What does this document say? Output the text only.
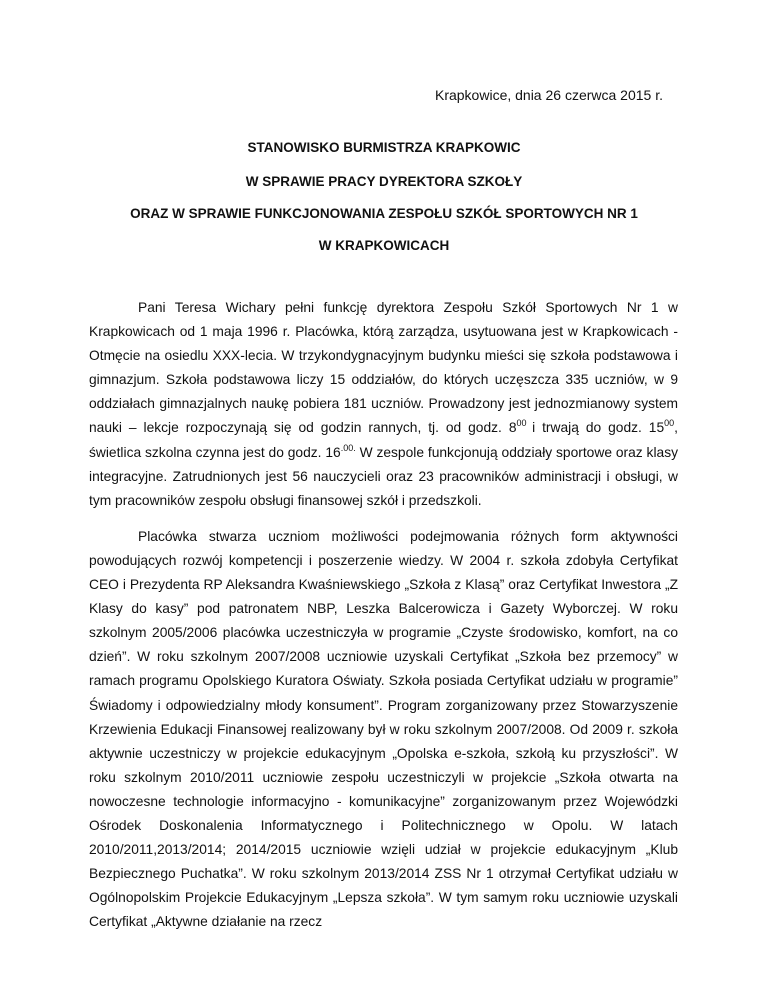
Krapkowice, dnia 26 czerwca 2015 r.

STANOWISKO BURMISTRZA KRAPKOWIC

W SPRAWIE PRACY DYREKTORA SZKOŁY

ORAZ W SPRAWIE FUNKCJONOWANIA ZESPOŁU SZKÓŁ SPORTOWYCH NR 1

W KRAPKOWICACH

Pani Teresa Wichary pełni funkcję dyrektora Zespołu Szkół Sportowych Nr 1 w Krapkowicach od 1 maja 1996 r. Placówka, którą zarządza, usytuowana jest w Krapkowicach - Otmęcie na osiedlu XXX-lecia. W trzykondygnacyjnym budynku mieści się szkoła podstawowa i gimnazjum. Szkoła podstawowa liczy 15 oddziałów, do których uczęszcza 335 uczniów, w 9 oddziałach gimnazjalnych naukę pobiera 181 uczniów. Prowadzony jest jednozmianowy system nauki – lekcje rozpoczynają się od godzin rannych, tj. od godz. $8^{00}$ i trwają do godz. $15^{00}$, świetlica szkolna czynna jest do godz. $16^{.00.}$ W zespole funkcjonują oddziały sportowe oraz klasy integracyjne. Zatrudnionych jest 56 nauczycieli oraz 23 pracowników administracji i obsługi, w tym pracowników zespołu obsługi finansowej szkół i przedszkoli.

Placówka stwarza uczniom możliwości podejmowania różnych form aktywności powodujących rozwój kompetencji i poszerzenie wiedzy. W 2004 r. szkoła zdobyła Certyfikat CEO i Prezydenta RP Aleksandra Kwaśniewskiego „Szkoła z Klasą” oraz Certyfikat Inwestora „Z Klasy do kasy” pod patronatem NBP, Leszka Balcerowicza i Gazety Wyborczej. W roku szkolnym 2005/2006 placówka uczestniczyła w programie „Czyste środowisko, komfort, na co dzień”. W roku szkolnym 2007/2008 uczniowie uzyskali Certyfikat „Szkoła bez przemocy” w ramach programu Opolskiego Kuratora Oświaty. Szkoła posiada Certyfikat udziału w programie” Świadomy i odpowiedzialny młody konsument”. Program zorganizowany przez Stowarzyszenie Krzewienia Edukacji Finansowej realizowany był w roku szkolnym 2007/2008. Od 2009 r. szkoła aktywnie uczestniczy w projekcie edukacyjnym „Opolska e-szkoła, szkołą ku przyszłości”. W roku szkolnym 2010/2011 uczniowie zespołu uczestniczyli w projekcie „Szkoła otwarta na nowoczesne technologie informacyjno - komunikacyjne” zorganizowanym przez Wojewódzki Ośrodek Doskonalenia Informatycznego i Politechnicznego w Opolu. W latach 2010/2011,2013/2014; 2014/2015 uczniowie wzięli udział w projekcie edukacyjnym „Klub Bezpiecznego Puchatka”. W roku szkolnym 2013/2014 ZSS Nr 1 otrzymał Certyfikat udziału w Ogólnopolskim Projekcie Edukacyjnym „Lepsza szkoła”. W tym samym roku uczniowie uzyskali Certyfikat „Aktywne działanie na rzecz
